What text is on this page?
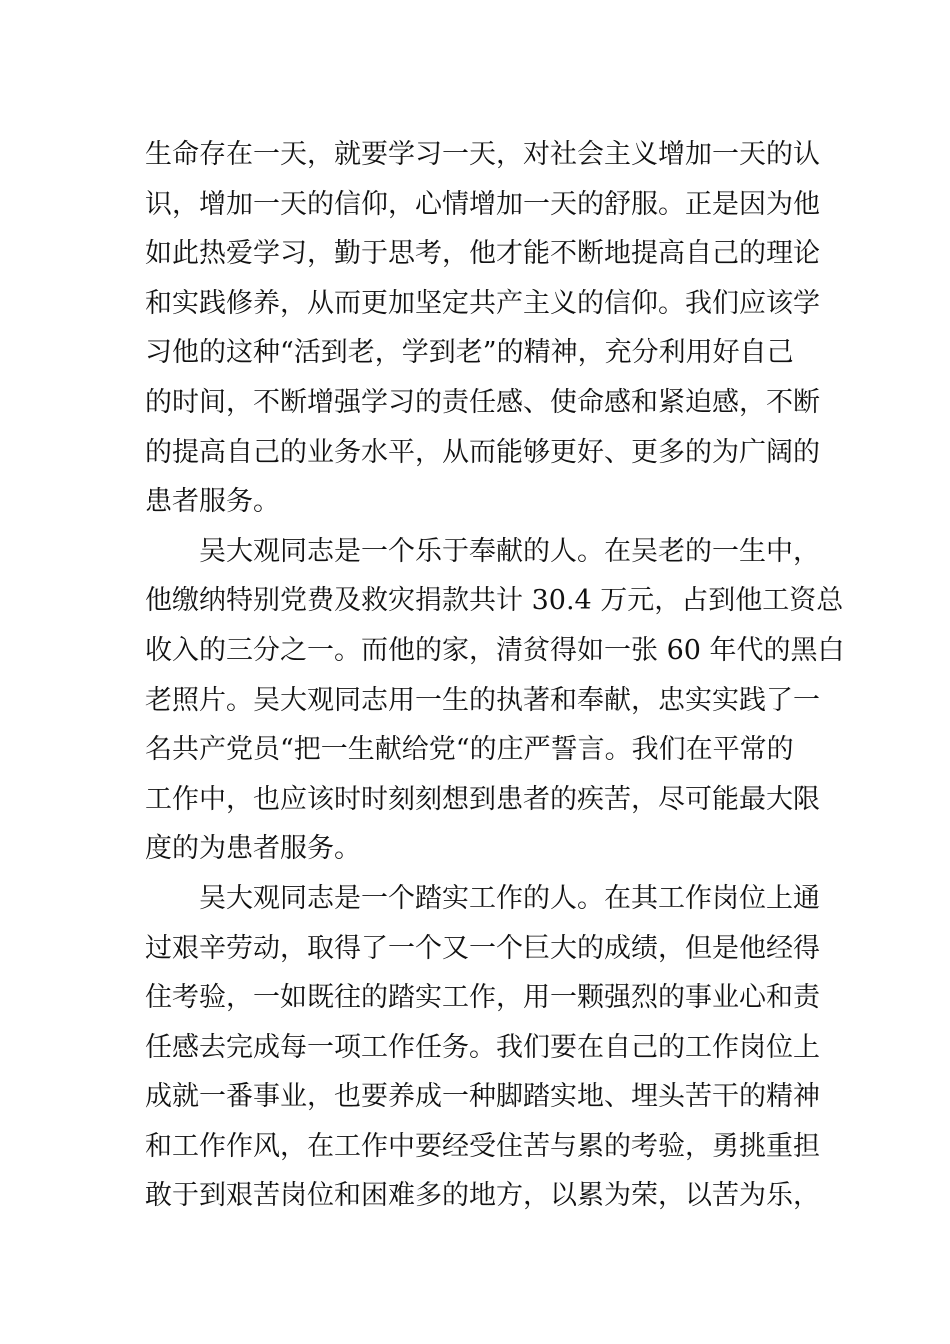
生命存在一天，就要学习一天，对社会主义增加一天的认
识，增加一天的信仰，心情增加一天的舒服。正是因为他
如此热爱学习，勤于思考，他才能不断地提高自己的理论
和实践修养，从而更加坚定共产主义的信仰。我们应该学
习他的这种“活到老，学到老”的精神，充分利用好自己
的时间，不断增强学习的责任感、使命感和紧迫感，不断
的提高自己的业务水平，从而能够更好、更多的为广阔的
患者服务。
吴大观同志是一个乐于奉献的人。在吴老的一生中，
他缴纳特别党费及救灾捐款共计 30.4 万元，占到他工资总
收入的三分之一。而他的家，清贫得如一张 60 年代的黑白
老照片。吴大观同志用一生的执著和奉献，忠实实践了一
名共产党员“把一生献给党“的庄严誓言。我们在平常的
工作中，也应该时时刻刻想到患者的疾苦，尽可能最大限
度的为患者服务。
吴大观同志是一个踏实工作的人。在其工作岗位上通
过艰辛劳动，取得了一个又一个巨大的成绩，但是他经得
住考验，一如既往的踏实工作，用一颗强烈的事业心和责
任感去完成每一项工作任务。我们要在自己的工作岗位上
成就一番事业，也要养成一种脚踏实地、埋头苦干的精神
和工作作风，在工作中要经受住苦与累的考验，勇挑重担
敢于到艰苦岗位和困难多的地方，以累为荣，以苦为乐，
